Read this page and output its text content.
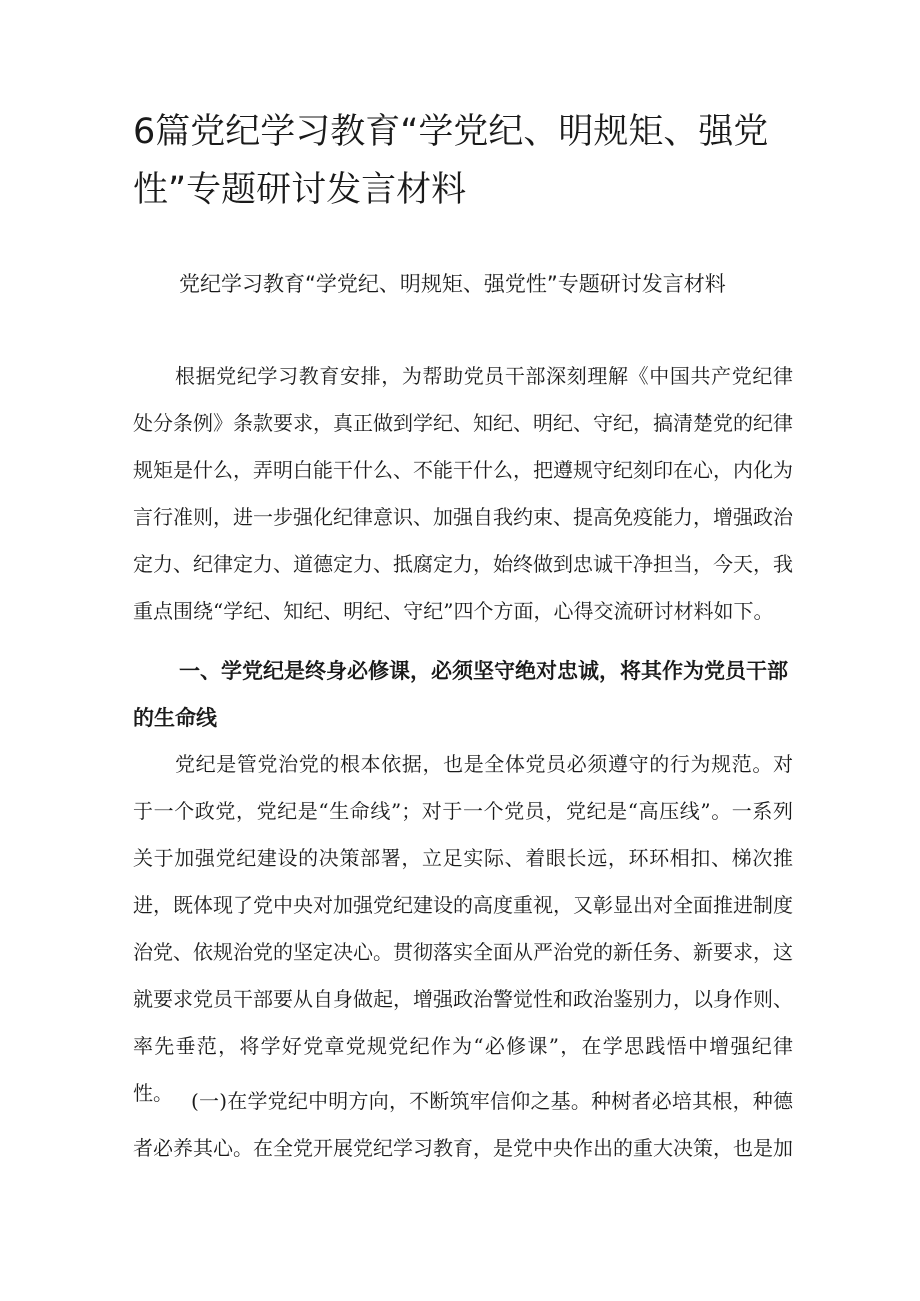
6篇党纪学习教育“学党纪、明规矩、强党性”专题研讨发言材料
党纪学习教育“学党纪、明规矩、强党性”专题研讨发言材料

根据党纪学习教育安排，为帮助党员干部深刻理解《中国共产党纪律处分条例》条款要求，真正做到学纪、知纪、明纪、守纪，搞清楚党的纪律规矩是什么，弄明白能干什么、不能干什么，把遵规守纪刻印在心，内化为言行准则，进一步强化纪律意识、加强自我约束、提高免疫能力，增强政治定力、纪律定力、道德定力、抵腐定力，始终做到忠诚干净担当，今天，我重点围绕“学纪、知纪、明纪、守纪”四个方面，心得交流研讨材料如下。

一、学党纪是终身必修课，必须坚守绝对忠诚，将其作为党员干部的生命线

党纪是管党治党的根本依据，也是全体党员必须遵守的行为规范。对于一个政党，党纪是“生命线”；对于一个党员，党纪是“高压线”。一系列关于加强党纪建设的决策部署，立足实际、着眼长远，环环相扣、梯次推进，既体现了党中央对加强党纪建设的高度重视，又彰显出对全面推进制度治党、依规治党的坚定决心。贯彻落实全面从严治党的新任务、新要求，这就要求党员干部要从自身做起，增强政治警觉性和政治鉴别力，以身作则、率先垂范，将学好党章党规党纪作为“必修课”，在学思践悟中增强纪律性。 (一)在学党纪中明方向，不断筑牢信仰之基。种树者必培其根，种德者必养其心。在全党开展党纪学习教育，是党中央作出的重大决策，也是加
